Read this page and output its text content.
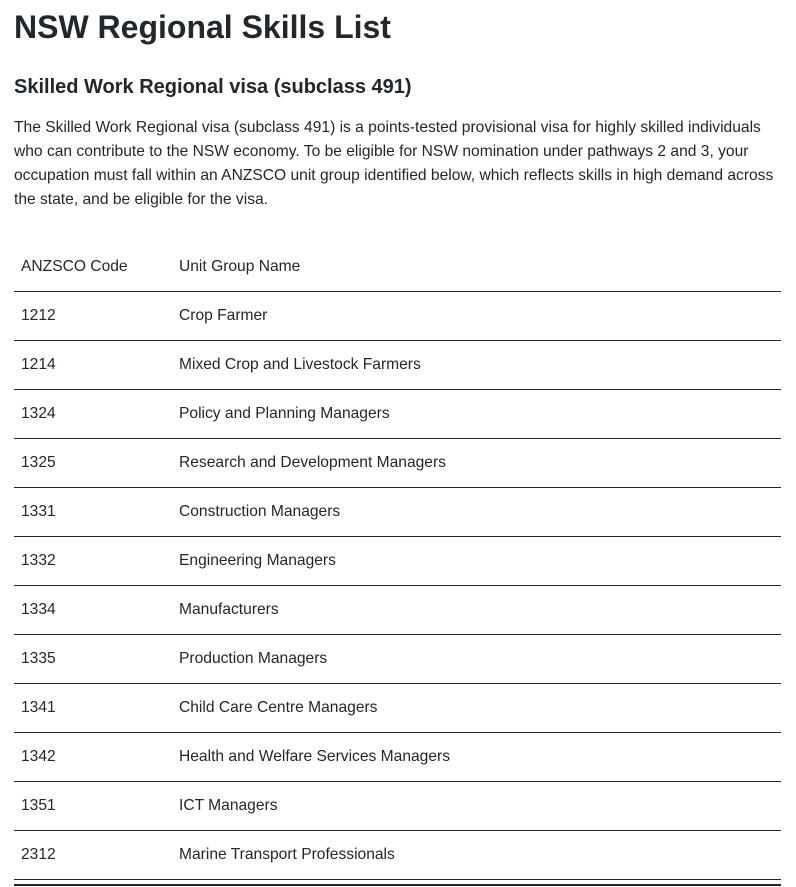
NSW Regional Skills List
Skilled Work Regional visa (subclass 491)

The Skilled Work Regional visa (subclass 491) is a points-tested provisional visa for highly skilled individuals who can contribute to the NSW economy. To be eligible for NSW nomination under pathways 2 and 3, your occupation must fall within an ANZSCO unit group identified below, which reflects skills in high demand across the state, and be eligible for the visa.

ANZSCO Code	Unit Group Name
1212	Crop Farmer
1214	Mixed Crop and Livestock Farmers
1324	Policy and Planning Managers
1325	Research and Development Managers
1331	Construction Managers
1332	Engineering Managers
1334	Manufacturers
1335	Production Managers
1341	Child Care Centre Managers
1342	Health and Welfare Services Managers
1351	ICT Managers
2312	Marine Transport Professionals
